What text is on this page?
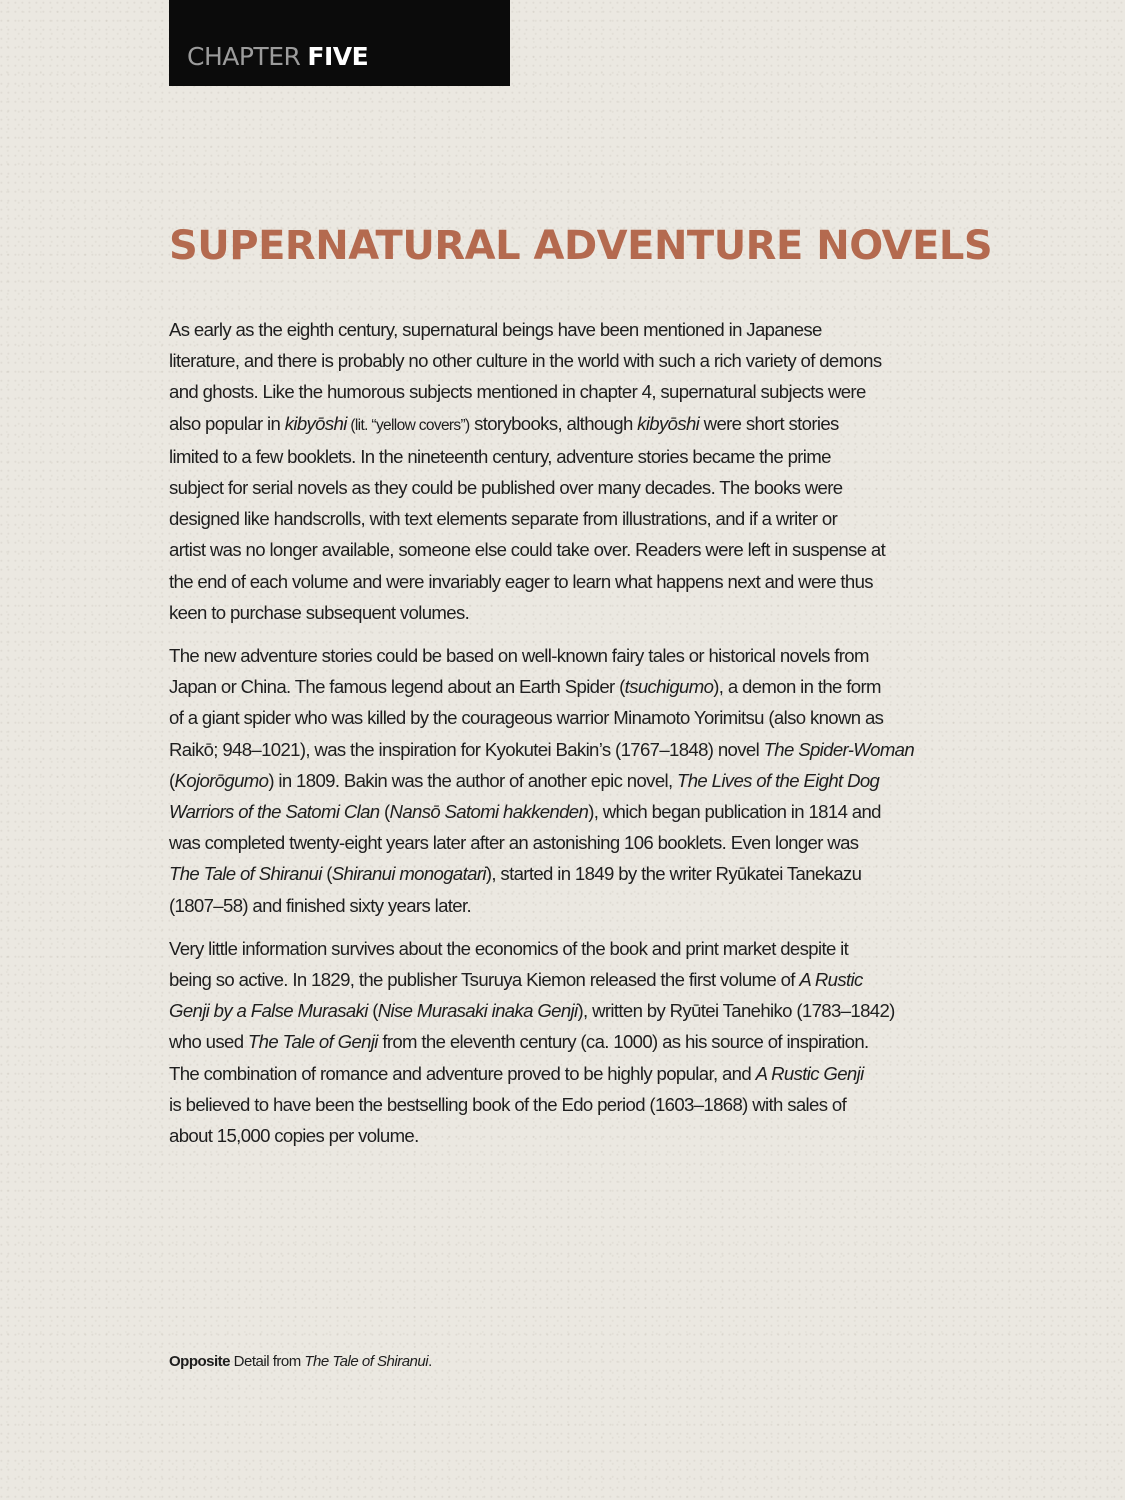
CHAPTER FIVE
SUPERNATURAL ADVENTURE NOVELS

As early as the eighth century, supernatural beings have been mentioned in Japanese
literature, and there is probably no other culture in the world with such a rich variety of demons
and ghosts. Like the humorous subjects mentioned in chapter 4, supernatural subjects were
also popular in kibyōshi (lit. “yellow covers”) storybooks, although kibyōshi were short stories
limited to a few booklets. In the nineteenth century, adventure stories became the prime
subject for serial novels as they could be published over many decades. The books were
designed like handscrolls, with text elements separate from illustrations, and if a writer or
artist was no longer available, someone else could take over. Readers were left in suspense at
the end of each volume and were invariably eager to learn what happens next and were thus
keen to purchase subsequent volumes.

The new adventure stories could be based on well-known fairy tales or historical novels from
Japan or China. The famous legend about an Earth Spider (tsuchigumo), a demon in the form
of a giant spider who was killed by the courageous warrior Minamoto Yorimitsu (also known as
Raikō; 948–1021), was the inspiration for Kyokutei Bakin’s (1767–1848) novel The Spider-Woman
(Kojorōgumo) in 1809. Bakin was the author of another epic novel, The Lives of the Eight Dog
Warriors of the Satomi Clan (Nansō Satomi hakkenden), which began publication in 1814 and
was completed twenty-eight years later after an astonishing 106 booklets. Even longer was
The Tale of Shiranui (Shiranui monogatari), started in 1849 by the writer Ryūkatei Tanekazu
(1807–58) and finished sixty years later.

Very little information survives about the economics of the book and print market despite it
being so active. In 1829, the publisher Tsuruya Kiemon released the first volume of A Rustic
Genji by a False Murasaki (Nise Murasaki inaka Genji), written by Ryūtei Tanehiko (1783–1842)
who used The Tale of Genji from the eleventh century (ca. 1000) as his source of inspiration.
The combination of romance and adventure proved to be highly popular, and A Rustic Genji
is believed to have been the bestselling book of the Edo period (1603–1868) with sales of
about 15,000 copies per volume.

Opposite Detail from The Tale of Shiranui.
